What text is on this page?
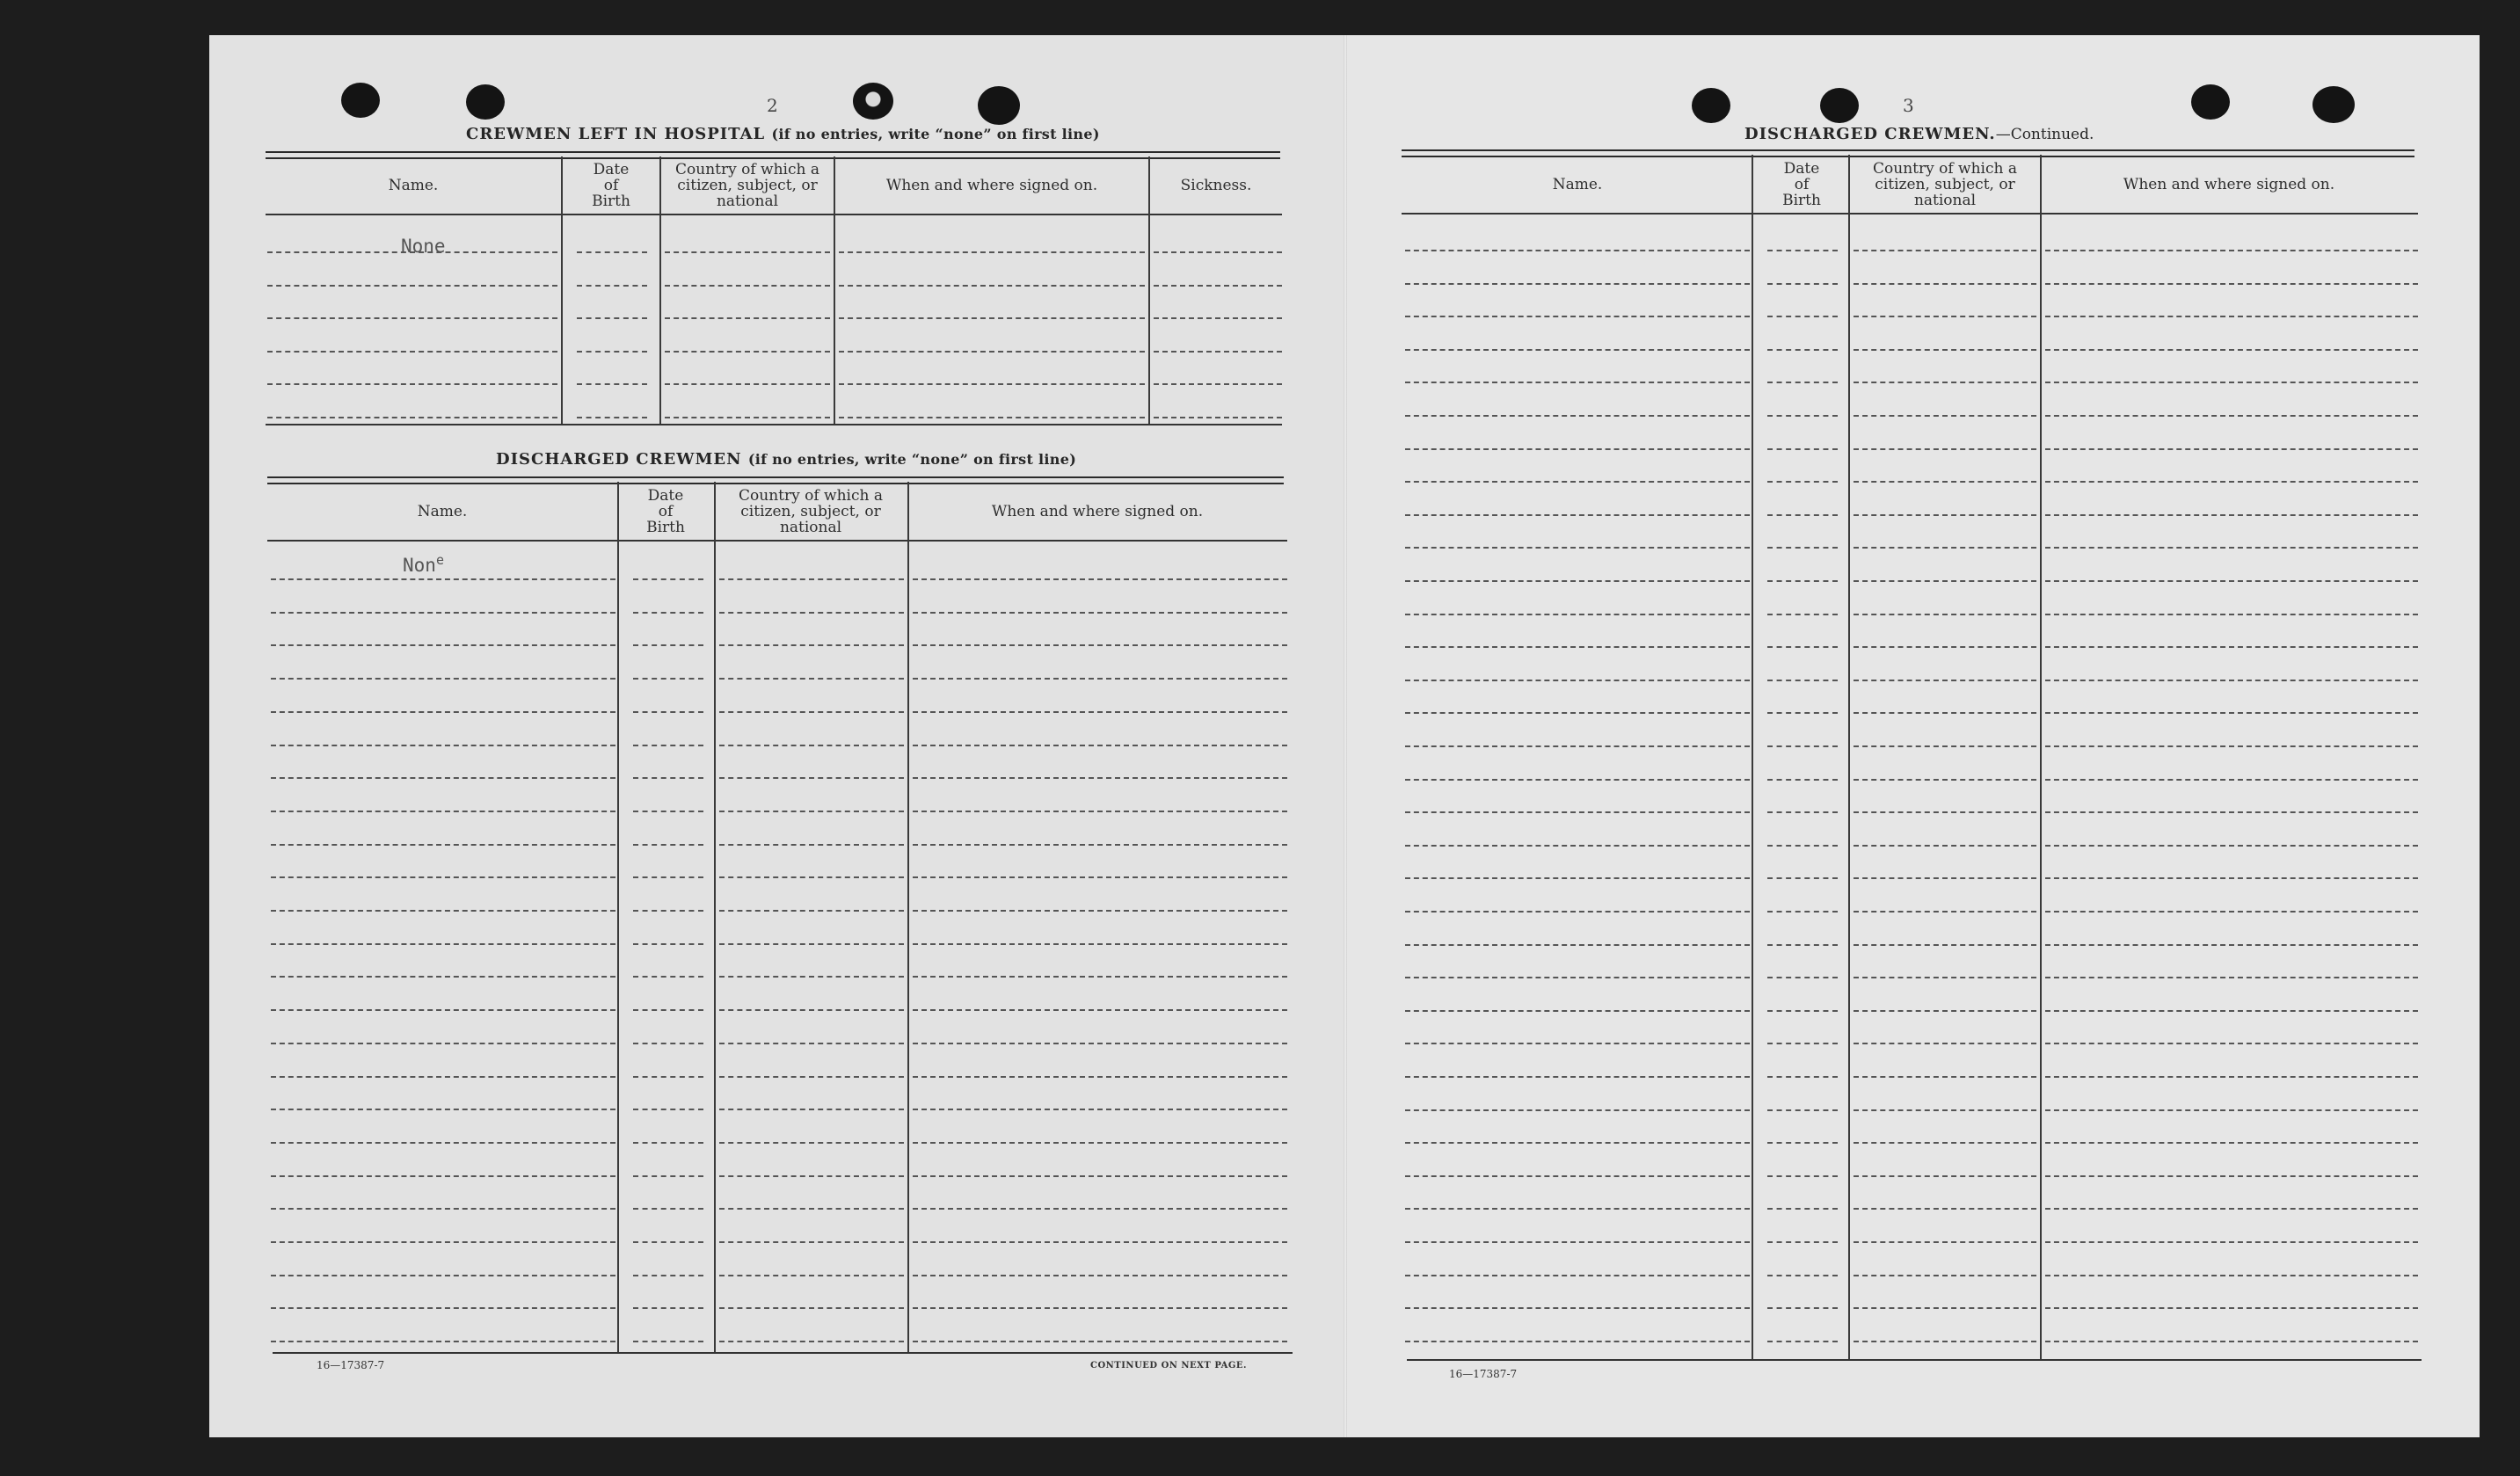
2
CREWMEN LEFT IN HOSPITAL (if no entries, write “none” on first line)
Name.
Date
of
Birth
Country of which a
citizen, subject, or
national
When and where signed on.	Sickness.
None
DISCHARGED CREWMEN (if no entries, write “none” on first line)
Name.
Date
of
Birth
Country of which a
citizen, subject, or
national
When and where signed on.
Non$^e$
16—17387-7	CONTINUED ON NEXT PAGE.
3
DISCHARGED CREWMEN.—Continued.
Name.
Date
of
Birth
Country of which a
citizen, subject, or
national
When and where signed on.
16—17387-7
